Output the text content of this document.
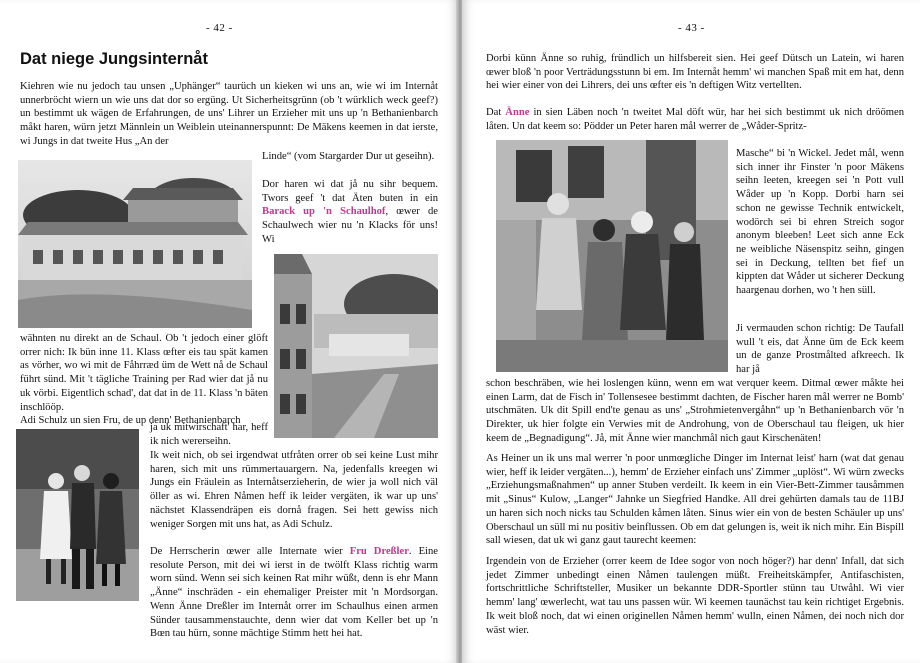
- 42 -
Dat niege Jungsinternåt

Kiehren wie nu jedoch tau unsen „Uphänger“ taurüch un kieken wi uns an, wie wi im Internåt unnerbröcht wiern un wie uns dat dor so ergüng. Ut Sicherheitsgrünn (ob 't würklich weck geef?) un bestimmt uk wägen de Erfahrungen, de uns' Lihrer un Erzieher mit uns up 'n Bethanienbarch måkt haren, würn jetzt Männlein un Weiblein uteinannerspunnt: De Mäkens keemen in dat ierste, wi Jungs in dat tweite Hus „An der

Linde“ (vom Stargarder Dur ut geseihn).

Dor haren wi dat jå nu sihr bequem. Twors geef 't dat Äten buten in ein Barack up 'n Schaulhof, œwer de Schaulwech wier nu 'n Klacks för uns! Wi

wähnten nu direkt an de Schaul. Ob 't jedoch einer glöft orrer nich: Ik bün inne 11. Klass œfter eis tau spät kamen as vörher, wo wi mit de Fåhrræd üm de Wett nå de Schaul führt sünd. Mit 't tägliche Training per Rad wier dat jå nu uk vörbi. Eigentlich schad', dat dat in de 11. Klass 'n bäten inschlööp.

Adi Schulz un sien Fru, de up denn' Bethanienbarch

ja uk mitwirschaft' har, heff ik nich wererseihn.

Ik weit nich, ob sei irgendwat utfråten orrer ob sei keine Lust mihr haren, sich mit uns rümmertauargern. Na, jedenfalls kreegen wi Jungs ein Fräulein as Internåtserzieherin, de wier ja woll nich väl öller as wi. Ehren Nåmen heff ik leider vergäten, ik war up uns' nächstet Klassendräpen eis dornå fragen. Sei hett gewiss nich weniger Sorgen mit uns hat, as Adi Schulz.

De Herrscherin œwer alle Internate wier Fru Dreßler. Eine resolute Person, mit dei wi ierst in de twölft Klass richtig warm worn sünd. Wenn sei sich keinen Rat mihr wüßt, denn is ehr Mann „Änne“ inschräden - ein ehemaliger Preister mit 'n Mordsorgan. Wenn Änne Dreßler im Internåt orrer im Schaulhus einen armen Sünder tausammenstauchte, denn wier dat vom Keller bet up 'n Bœn tau hürn, sonne mächtige Stimm hett hei hat.

- 43 -

Dorbi künn Änne so ruhig, fründlich un hilfsbereit sien. Hei geef Dütsch un Latein, wi haren œwer bloß 'n poor Verträdungsstunn bi em. Im Internåt hemm' wi manchen Spaß mit em hat, denn hei wier einer von dei Lihrers, dei uns œfter eis 'n deftigen Witz vertellten.

Dat Änne in sien Läben noch 'n tweitet Mal döft wür, har hei sich bestimmt uk nich dröömen låten. Un dat keem so: Pödder un Peter haren mål werrer de „Wåder-Spritz-

Masche“ bi 'n Wickel. Jedet mål, wenn sich inner ihr Finster 'n poor Mäkens seihn leeten, kreegen sei 'n Pott vull Wåder up 'n Kopp. Dorbi harn sei schon ne gewisse Technik entwickelt, wodörch sei bi ehren Streich sogor anonym bleeben! Leet sich anne Eck ne weibliche Näsenspitz seihn, gingen sei in Deckung, tellten bet fief un kippten dat Wåder ut sicherer Deckung haargenau dorhen, wo 't hen süll.

Ji vermauden schon richtig: De Taufall wull 't eis, dat Änne üm de Eck keem un de ganze Prostmålted afkreech. Ik har jå

schon beschräben, wie hei loslengen künn, wenn em wat verquer keem. Ditmal œwer måkte hei einen Larm, dat de Fisch in' Tollensesee bestimmt dachten, de Fischer haren mål werrer ne Bomb' utschmäten. Uk dit Spill end'te genau as uns' „Strohmietenvergåhn“ up 'n Bethanienbarch vör 'n Direkter, uk hier folgte ein Verwies mit de Androhung, von de Oberschaul tau fleigen, uk hier keem de „Begnadigung“. Jå, mit Änne wier manchmål nich gaut Kirschenäten!

As Heiner un ik uns mal werrer 'n poor unmœgliche Dinger im Internat leist' harn (wat dat genau wier, heff ik leider vergäten...), hemm' de Erzieher einfach uns' Zimmer „uplöst“. Wi würn zwecks „Erziehungsmaßnahmen“ up anner Stuben verdeilt. Ik keem in ein Vier-Bett-Zimmer tausåmmen mit „Sinus“ Kulow, „Langer“ Jahnke un Siegfried Handke. All drei gehürten damals tau de 11BJ un haren sich noch nicks tau Schulden kåmen låten. Sinus wier ein von de besten Schäuler up uns' Oberschaul un süll mi nu positiv beinflussen. Ob em dat gelungen is, weit ik nich mihr. Ein Bispill sall wiesen, dat uk wi ganz gaut taurecht keemen:

Irgendein von de Erzieher (orrer keem de Idee sogor von noch höger?) har denn' Infall, dat sich jedet Zimmer unbedingt einen Nåmen taulengen müßt. Freiheitskämpfer, Antifaschisten, fortschrittliche Schriftsteller, Musiker un bekannte DDR-Sportler stünn tau Utwåhl. Wi vier hemm' lang' œwerlecht, wat tau uns passen wür. Wi keemen taunächst tau kein richtiget Ergebnis. Ik weit bloß noch, dat wi einen originellen Nåmen hemm' wulln, einen Nåmen, dei noch nich dor wäst wier.
